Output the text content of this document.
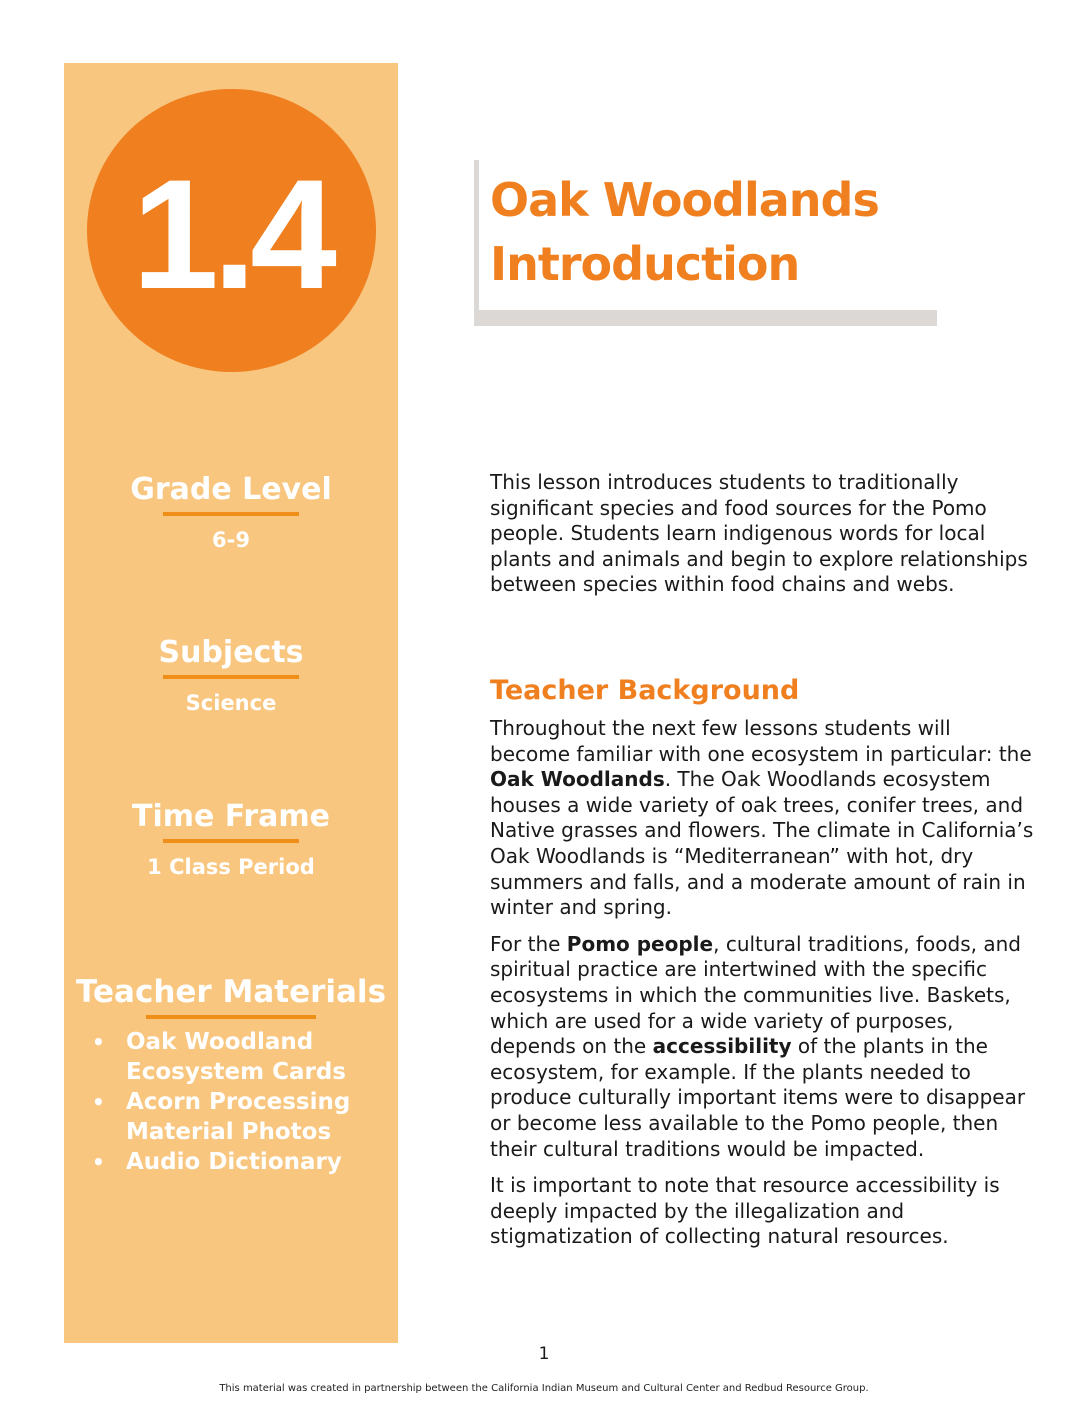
1.4
Grade Level
6-9
Subjects
Science
Time Frame
1 Class Period
Teacher Materials
• Oak Woodland
Ecosystem Cards
• Acorn Processing
Material Photos
• Audio Dictionary
Oak Woodlands
Introduction

This lesson introduces students to traditionally significant species and food sources for the Pomo people. Students learn indigenous words for local plants and animals and begin to explore relationships between species within food chains and webs.

Teacher Background

Throughout the next few lessons students will become familiar with one ecosystem in particular: the Oak Woodlands. The Oak Woodlands ecosystem houses a wide variety of oak trees, conifer trees, and Native grasses and flowers. The climate in California’s Oak Woodlands is “Mediterranean” with hot, dry summers and falls, and a moderate amount of rain in winter and spring.

For the Pomo people, cultural traditions, foods, and spiritual practice are intertwined with the specific ecosystems in which the communities live. Baskets, which are used for a wide variety of purposes, depends on the accessibility of the plants in the ecosystem, for example. If the plants needed to produce culturally important items were to disappear or become less available to the Pomo people, then their cultural traditions would be impacted.

It is important to note that resource accessibility is deeply impacted by the illegalization and stigmatization of collecting natural resources.

1
This material was created in partnership between the California Indian Museum and Cultural Center and Redbud Resource Group.
